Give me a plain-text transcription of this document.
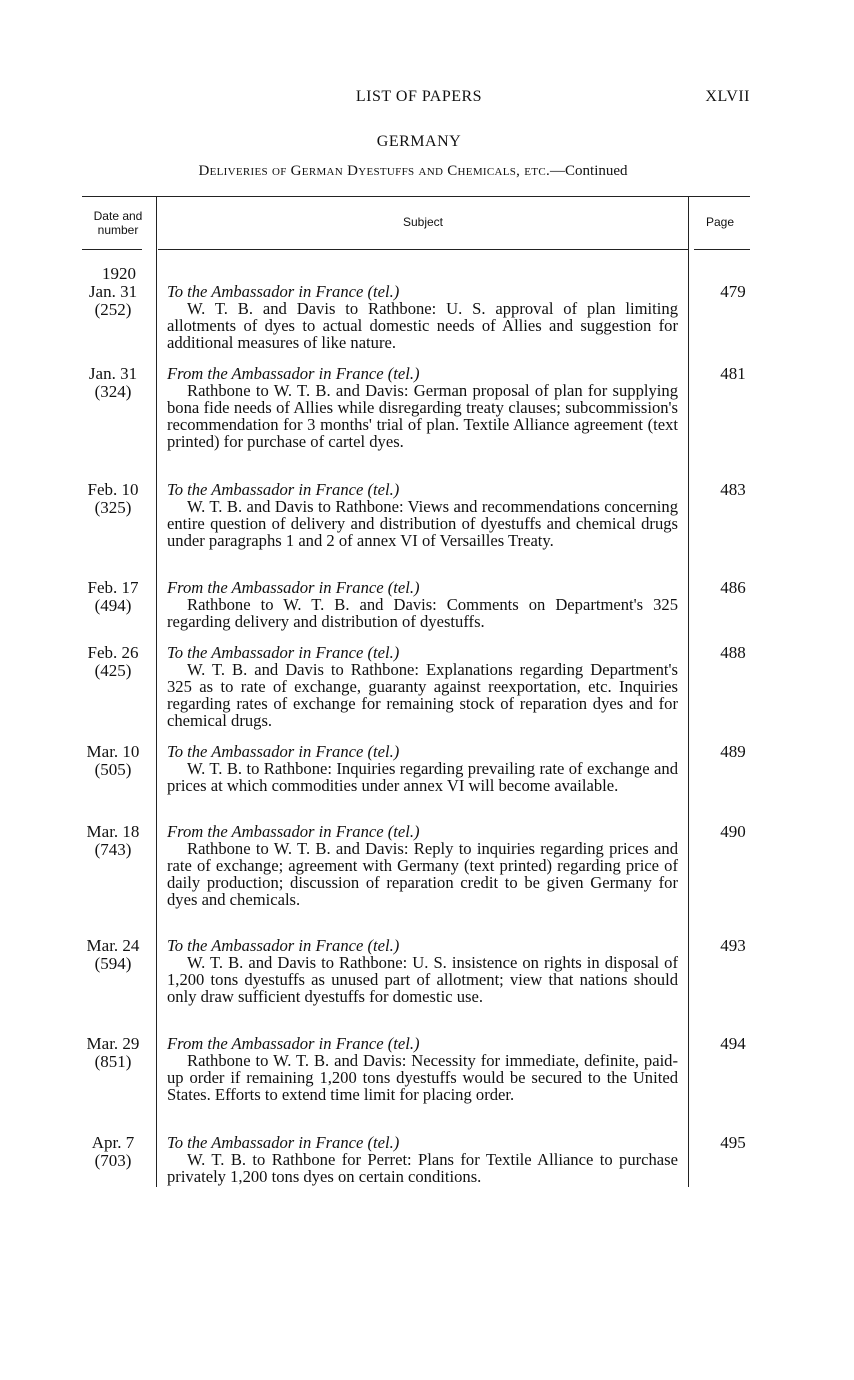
LIST OF PAPERS	XLVII
GERMANY
Deliveries of German Dyestuffs and Chemicals, etc.—Continued
Date and
number
Subject	Page
1920
Jan. 31
(252)
To the Ambassador in France (tel.)
W. T. B. and Davis to Rathbone: U. S. approval of plan limiting allotments of dyes to actual domestic needs of Allies and suggestion for additional measures of like nature.
479
Jan. 31
(324)
From the Ambassador in France (tel.)
Rathbone to W. T. B. and Davis: German proposal of plan for supplying bona fide needs of Allies while disregarding treaty clauses; subcommission's recommendation for 3 months' trial of plan. Textile Alliance agreement (text printed) for purchase of cartel dyes.
481
Feb. 10
(325)
To the Ambassador in France (tel.)
W. T. B. and Davis to Rathbone: Views and recommendations concerning entire question of delivery and distribution of dyestuffs and chemical drugs under paragraphs 1 and 2 of annex VI of Versailles Treaty.
483
Feb. 17
(494)
From the Ambassador in France (tel.)
Rathbone to W. T. B. and Davis: Comments on Department's 325 regarding delivery and distribution of dyestuffs.
486
Feb. 26
(425)
To the Ambassador in France (tel.)
W. T. B. and Davis to Rathbone: Explanations regarding Department's 325 as to rate of exchange, guaranty against reexportation, etc. Inquiries regarding rates of exchange for remaining stock of reparation dyes and for chemical drugs.
488
Mar. 10
(505)
To the Ambassador in France (tel.)
W. T. B. to Rathbone: Inquiries regarding prevailing rate of exchange and prices at which commodities under annex VI will become available.
489
Mar. 18
(743)
From the Ambassador in France (tel.)
Rathbone to W. T. B. and Davis: Reply to inquiries regarding prices and rate of exchange; agreement with Germany (text printed) regarding price of daily production; discussion of reparation credit to be given Germany for dyes and chemicals.
490
Mar. 24
(594)
To the Ambassador in France (tel.)
W. T. B. and Davis to Rathbone: U. S. insistence on rights in disposal of 1,200 tons dyestuffs as unused part of allotment; view that nations should only draw sufficient dyestuffs for domestic use.
493
Mar. 29
(851)
From the Ambassador in France (tel.)
Rathbone to W. T. B. and Davis: Necessity for immediate, definite, paid-up order if remaining 1,200 tons dyestuffs would be secured to the United States. Efforts to extend time limit for placing order.
494
Apr. 7
(703)
To the Ambassador in France (tel.)
W. T. B. to Rathbone for Perret: Plans for Textile Alliance to purchase privately 1,200 tons dyes on certain conditions.
495
